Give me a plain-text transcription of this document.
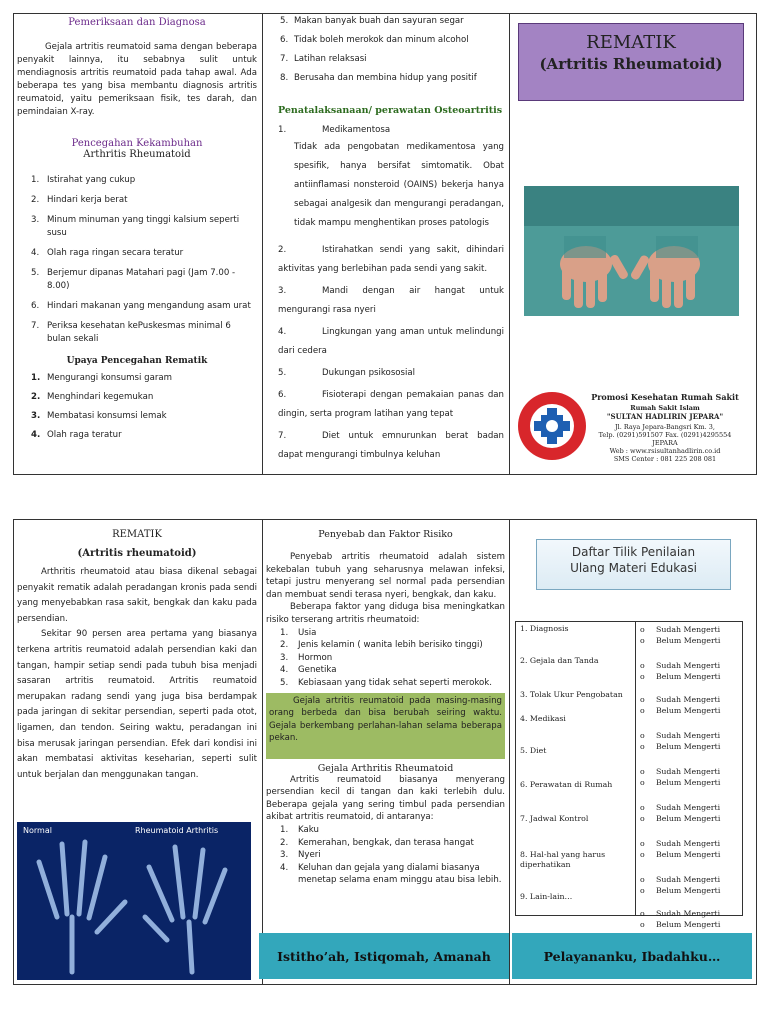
Pemeriksaan dan Diagnosa

Gejala artritis reumatoid sama dengan beberapa penyakit lainnya, itu sebabnya sulit untuk mendiagnosis artritis reumatoid pada tahap awal. Ada beberapa tes yang bisa membantu diagnosis artritis reumatoid, yaitu pemeriksaan fisik, tes darah, dan pemindaian X-ray.

Pencegahan Kekambuhan
Arthritis Rheumatoid
1. Istirahat yang cukup
2. Hindari kerja berat
3. Minum minuman yang tinggi kalsium seperti susu
4. Olah raga ringan secara teratur
5. Berjemur dipanas Matahari pagi (Jam 7.00 - 8.00)
6. Hindari makanan yang mengandung asam urat
7. Periksa kesehatan kePuskesmas minimal 6 bulan sekali
Upaya Pencegahan Rematik
1. Mengurangi konsumsi garam
2. Menghindari kegemukan
3. Membatasi konsumsi lemak
4. Olah raga teratur
5. Makan banyak buah dan sayuran segar
6. Tidak boleh merokok dan minum alcohol
7. Latihan relaksasi
8. Berusaha dan membina hidup yang positif
Penatalaksanaan/ perawatan Osteoartritis
1.	Medikamentosa

Tidak ada pengobatan medikamentosa yang spesifik, hanya bersifat simtomatik. Obat antiinflamasi nonsteroid (OAINS) bekerja hanya sebagai analgesik dan mengurangi peradangan, tidak mampu menghentikan proses patologis

2.	Istirahatkan sendi yang sakit, dihindari aktivitas yang berlebihan pada sendi yang sakit.
3.	Mandi dengan air hangat untuk mengurangi rasa nyeri
4.	Lingkungan yang aman untuk melindungi dari cedera
5.	Dukungan psikososial
6.	Fisioterapi dengan pemakaian panas dan dingin, serta program latihan yang tepat
7.	Diet untuk emnurunkan berat badan dapat mengurangi timbulnya keluhan
REMATIK
(Artritis Rheumatoid)
Promosi Kesehatan Rumah Sakit
Rumah Sakit Islam
"SULTAN HADLIRIN JEPARA"
Jl. Raya Jepara-Bangsri Km. 3,
Telp. (0291)591507 Fax. (0291)4295554
JEPARA
Web : www.rsisultanhadlirin.co.id
SMS Center : 081 225 208 081
REMATIK
(Artritis rheumatoid)

Arthritis rheumatoid atau biasa dikenal sebagai penyakit rematik adalah peradangan kronis pada sendi yang menyebabkan rasa sakit, bengkak dan kaku pada persendian.

Sekitar 90 persen area pertama yang biasanya terkena artritis reumatoid adalah persendian kaki dan tangan, hampir setiap sendi pada tubuh bisa menjadi sasaran artritis reumatoid. Artritis reumatoid merupakan radang sendi yang juga bisa berdampak pada jaringan di sekitar persendian, seperti pada otot, ligamen, dan tendon. Seiring waktu, peradangan ini bisa merusak jaringan persendian. Efek dari kondisi ini akan membatasi aktivitas keseharian, seperti sulit untuk berjalan dan menggunakan tangan.

Normal	Rheumatoid Arthritis
Penyebab dan Faktor Risiko

Penyebab artritis rheumatoid adalah sistem kekebalan tubuh yang seharusnya melawan infeksi, tetapi justru menyerang sel normal pada persendian dan membuat sendi terasa nyeri, bengkak, dan kaku.

Beberapa faktor yang diduga bisa meningkatkan risiko terserang artritis rheumatoid:

1.	Usia
2.	Jenis kelamin ( wanita lebih berisiko tinggi)
3.	Hormon
4.	Genetika
5.	Kebiasaan yang tidak sehat seperti merokok.

Gejala artritis reumatoid pada masing-masing orang berbeda dan bisa berubah seiring waktu. Gejala berkembang perlahan-lahan selama beberapa pekan.

Gejala Arthritis Rheumatoid

Artritis reumatoid biasanya menyerang persendian kecil di tangan dan kaki terlebih dulu. Beberapa gejala yang sering timbul pada persendian akibat artritis reumatoid, di antaranya:

1.	Kaku
2.	Kemerahan, bengkak, dan terasa hangat
3.	Nyeri
4.	Keluhan dan gejala yang dialami biasanya menetap selama enam minggu atau bisa lebih.
Istitho’ah, Istiqomah, Amanah	Pelayananku, Ibadahku…
Daftar Tilik Penilaian
Ulang Materi Edukasi
1. Diagnosis	o	Sudah Mengerti
o	Belum Mengerti
2. Gejala dan Tanda
o	Sudah Mengerti
o	Belum Mengerti
3. Tolak Ukur Pengobatan
o	Sudah Mengerti
o	Belum Mengerti
4. Medikasi
o	Sudah Mengerti
o	Belum Mengerti
5. Diet
o	Sudah Mengerti
o	Belum Mengerti
6. Perawatan di Rumah
o	Sudah Mengerti
o	Belum Mengerti
7. Jadwal Kontrol
o	Sudah Mengerti
o	Belum Mengerti
8. Hal-hal yang harus diperhatikan
o	Sudah Mengerti
o	Belum Mengerti
9. Lain-lain…
o	Sudah Mengerti
o	Belum Mengerti
